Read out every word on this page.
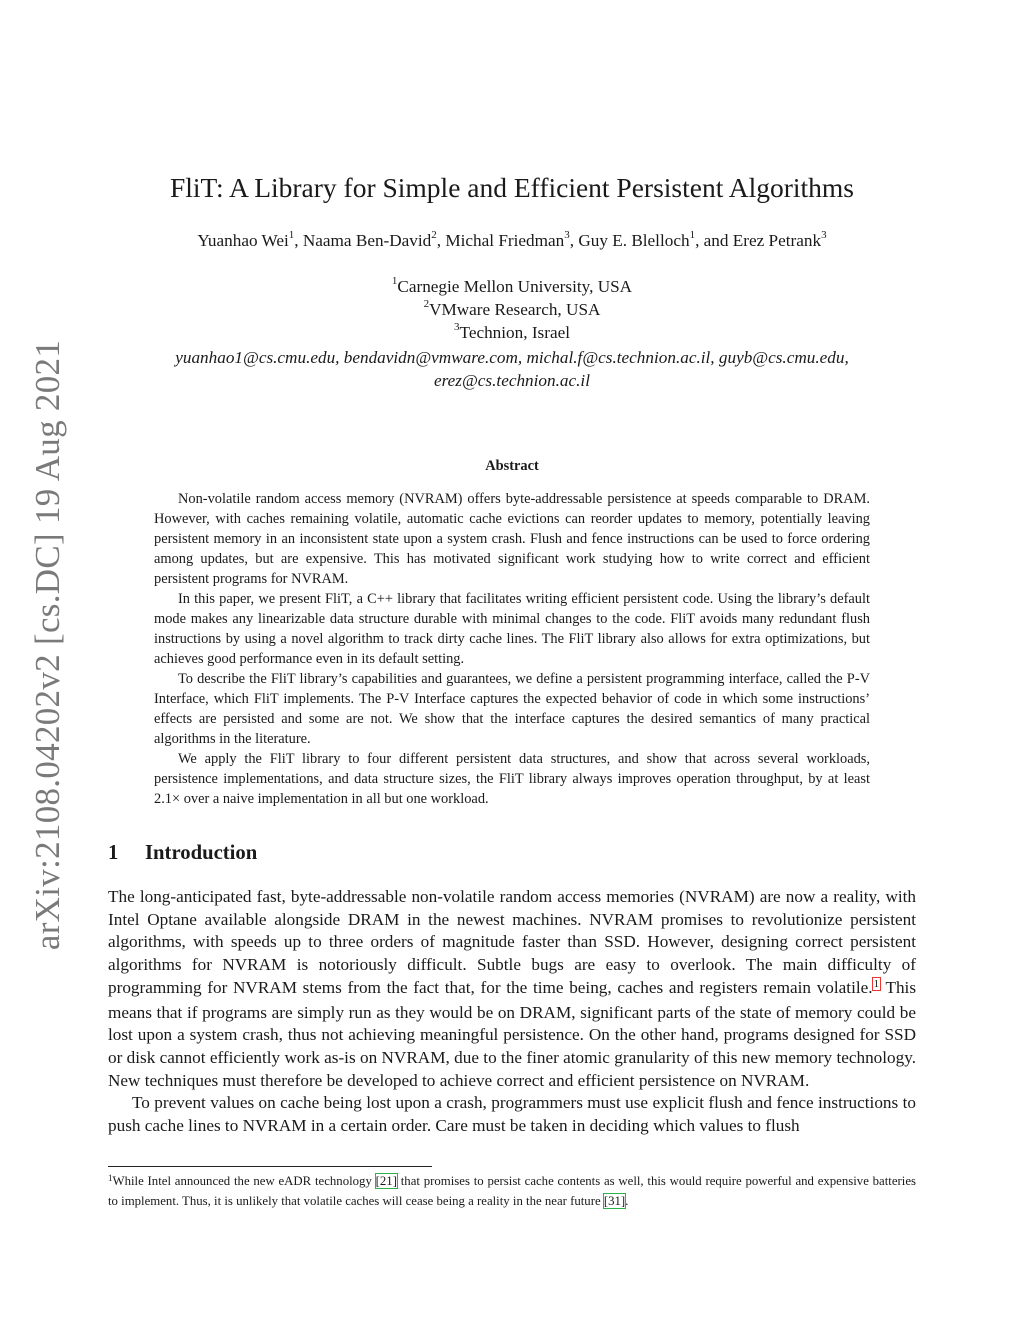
arXiv:2108.04202v2 [cs.DC] 19 Aug 2021
FliT: A Library for Simple and Efficient Persistent Algorithms

Yuanhao Wei$^1$, Naama Ben-David$^2$, Michal Friedman$^3$, Guy E. Blelloch$^1$, and Erez Petrank$^3$

$^1$Carnegie Mellon University, USA
$^2$VMware Research, USA
$^3$Technion, Israel
yuanhao1@cs.cmu.edu, bendavidn@vmware.com, michal.f@cs.technion.ac.il, guyb@cs.cmu.edu,
erez@cs.technion.ac.il
Abstract

Non-volatile random access memory (NVRAM) offers byte-addressable persistence at speeds comparable to DRAM. However, with caches remaining volatile, automatic cache evictions can reorder updates to memory, potentially leaving persistent memory in an inconsistent state upon a system crash. Flush and fence instructions can be used to force ordering among updates, but are expensive. This has motivated significant work studying how to write correct and efficient persistent programs for NVRAM.

In this paper, we present FliT, a C++ library that facilitates writing efficient persistent code. Using the library’s default mode makes any linearizable data structure durable with minimal changes to the code. FliT avoids many redundant flush instructions by using a novel algorithm to track dirty cache lines. The FliT library also allows for extra optimizations, but achieves good performance even in its default setting.

To describe the FliT library’s capabilities and guarantees, we define a persistent programming interface, called the P-V Interface, which FliT implements. The P-V Interface captures the expected behavior of code in which some instructions’ effects are persisted and some are not. We show that the interface captures the desired semantics of many practical algorithms in the literature.

We apply the FliT library to four different persistent data structures, and show that across several workloads, persistence implementations, and data structure sizes, the FliT library always improves operation throughput, by at least 2.1× over a naive implementation in all but one workload.

1 Introduction

The long-anticipated fast, byte-addressable non-volatile random access memories (NVRAM) are now a reality, with Intel Optane available alongside DRAM in the newest machines. NVRAM promises to revolutionize persistent algorithms, with speeds up to three orders of magnitude faster than SSD. However, designing correct persistent algorithms for NVRAM is notoriously difficult. Subtle bugs are easy to overlook. The main difficulty of programming for NVRAM stems from the fact that, for the time being, caches and registers remain volatile.$^1$ This means that if programs are simply run as they would be on DRAM, significant parts of the state of memory could be lost upon a system crash, thus not achieving meaningful persistence. On the other hand, programs designed for SSD or disk cannot efficiently work as-is on NVRAM, due to the finer atomic granularity of this new memory technology. New techniques must therefore be developed to achieve correct and efficient persistence on NVRAM.

To prevent values on cache being lost upon a crash, programmers must use explicit flush and fence instructions to push cache lines to NVRAM in a certain order. Care must be taken in deciding which values to flush

$^1$While Intel announced the new eADR technology [21] that promises to persist cache contents as well, this would require powerful and expensive batteries to implement. Thus, it is unlikely that volatile caches will cease being a reality in the near future [31].
